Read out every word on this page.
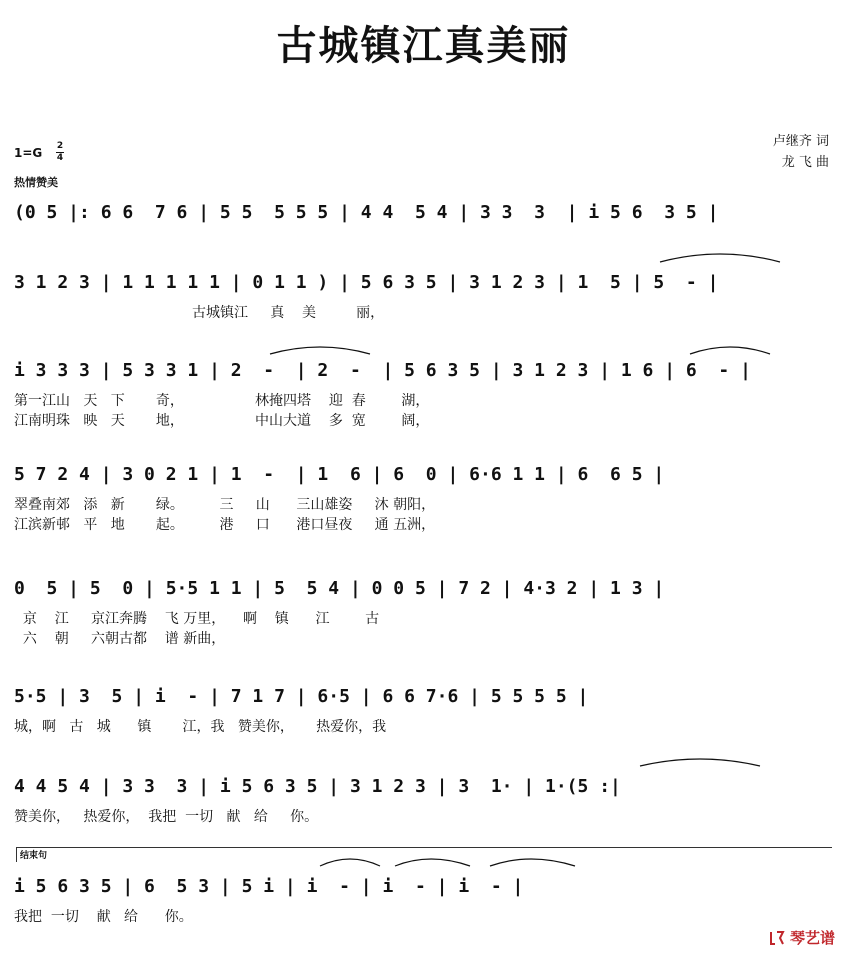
古城镇江真美丽
卢继齐 词
龙 飞 曲
1=G 2
4
热情赞美
(0 5 |: 6 6  7 6 | 5 5  5 5 5 | 4 4  5 4 | 3 3  3  | i 5 6  3 5 |
3 1 2 3 | 1 1 1 1 1 | 0 1 1 ) | 5 6 3 5 | 3 1 2 3 | 1  5 | 5  - |
古城镇江     真    美         丽，
i 3 3 3 | 5 3 3 1 | 2  -  | 2  -  | 5 6 3 5 | 3 1 2 3 | 1 6 | 6  - |
第一江山   天   下       奇，                林掩四塔    迎  春        湖，
江南明珠   映   天       地，                中山大道    多  宽        阔，
5 7 2 4 | 3 0 2 1 | 1  -  | 1  6 | 6  0 | 6·6 1 1 | 6  6 5 |
翠叠南郊   添   新       绿。        三     山      三山雄姿     沐 朝阳，
江滨新邨   平   地       起。        港     口      港口昼夜     通 五洲，
0  5 | 5  0 | 5·5 1 1 | 5  5 4 | 0 0 5 | 7 2 | 4·3 2 | 1 3 |
京    江     京江奔腾    飞 万里，    啊    镇      江        古
六    朝     六朝古都    谱 新曲，
5·5 | 3  5 | i  - | 7 1 7 | 6·5 | 6 6 7·6 | 5 5 5 5 |
城，啊   古   城      镇       江，我   赞美你，     热爱你，我
4 4 5 4 | 3 3  3 | i 5 6 3 5 | 3 1 2 3 | 3  1· | 1·(5 :|
赞美你，   热爱你，  我把  一切   献   给     你。
结束句
i 5 6 3 5 | 6  5 3 | 5 i | i  - | i  - | i  - |
我把  一切    献   给      你。
琴艺谱
